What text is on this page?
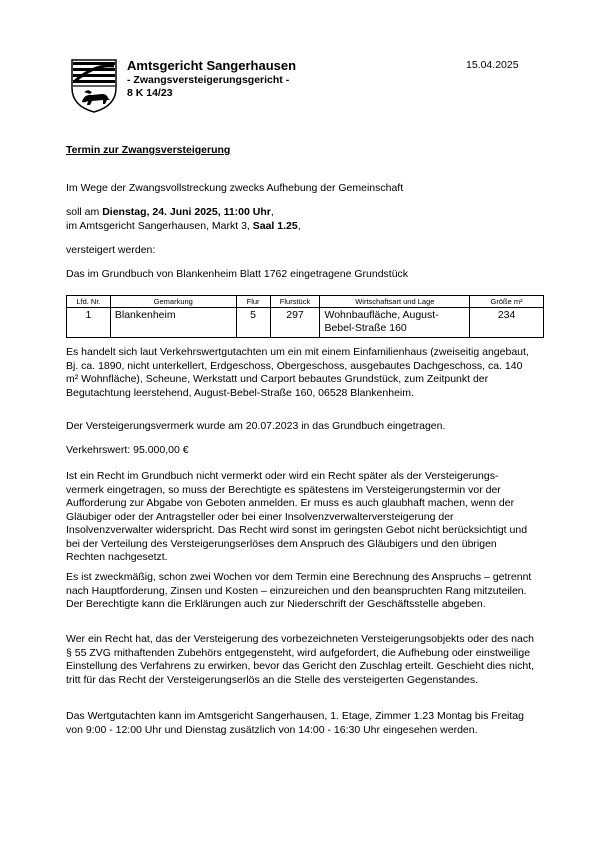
Amtsgericht Sangerhausen
- Zwangsversteigerungsgericht -
8 K 14/23
15.04.2025
Termin zur Zwangsversteigerung
Im Wege der Zwangsvollstreckung zwecks Aufhebung der Gemeinschaft
soll am Dienstag, 24. Juni 2025, 11:00 Uhr,
im Amtsgericht Sangerhausen, Markt 3, Saal 1.25,
versteigert werden:
Das im Grundbuch von Blankenheim Blatt 1762 eingetragene Grundstück
Lfd. Nr.	Gemarkung	Flur	Flurstück	Wirtschaftsart und Lage	Größe m²
1	Blankenheim	5	297	Wohnbaufläche, August-Bebel-Straße 160	234
Es handelt sich laut Verkehrswertgutachten um ein mit einem Einfamilienhaus (zweiseitig angebaut, Bj. ca. 1890, nicht unterkellert, Erdgeschoss, Obergeschoss, ausgebautes Dachgeschoss, ca. 140 m² Wohnfläche), Scheune, Werkstatt und Carport bebautes Grundstück, zum Zeitpunkt der Begutachtung leerstehend, August-Bebel-Straße 160, 06528 Blankenheim.
Der Versteigerungsvermerk wurde am 20.07.2023 in das Grundbuch eingetragen.
Verkehrswert: 95.000,00 €
Ist ein Recht im Grundbuch nicht vermerkt oder wird ein Recht später als der Versteigerungs-vermerk eingetragen, so muss der Berechtigte es spätestens im Versteigerungstermin vor der Aufforderung zur Abgabe von Geboten anmelden. Er muss es auch glaubhaft machen, wenn der Gläubiger oder der Antragsteller oder bei einer Insolvenzverwalterversteigerung der Insolvenzverwalter widerspricht. Das Recht wird sonst im geringsten Gebot nicht berücksichtigt und bei der Verteilung des Versteigerungserlöses dem Anspruch des Gläubigers und den übrigen Rechten nachgesetzt.
Es ist zweckmäßig, schon zwei Wochen vor dem Termin eine Berechnung des Anspruchs – getrennt nach Hauptforderung, Zinsen und Kosten – einzureichen und den beanspruchten Rang mitzuteilen. Der Berechtigte kann die Erklärungen auch zur Niederschrift der Geschäftsstelle abgeben.
Wer ein Recht hat, das der Versteigerung des vorbezeichneten Versteigerungsobjekts oder des nach § 55 ZVG mithaftenden Zubehörs entgegensteht, wird aufgefordert, die Aufhebung oder einstweilige Einstellung des Verfahrens zu erwirken, bevor das Gericht den Zuschlag erteilt. Geschieht dies nicht, tritt für das Recht der Versteigerungserlös an die Stelle des versteigerten Gegenstandes.
Das Wertgutachten kann im Amtsgericht Sangerhausen, 1. Etage, Zimmer 1.23 Montag bis Freitag von 9:00 - 12:00 Uhr und Dienstag zusätzlich von 14:00 - 16:30 Uhr eingesehen werden.
